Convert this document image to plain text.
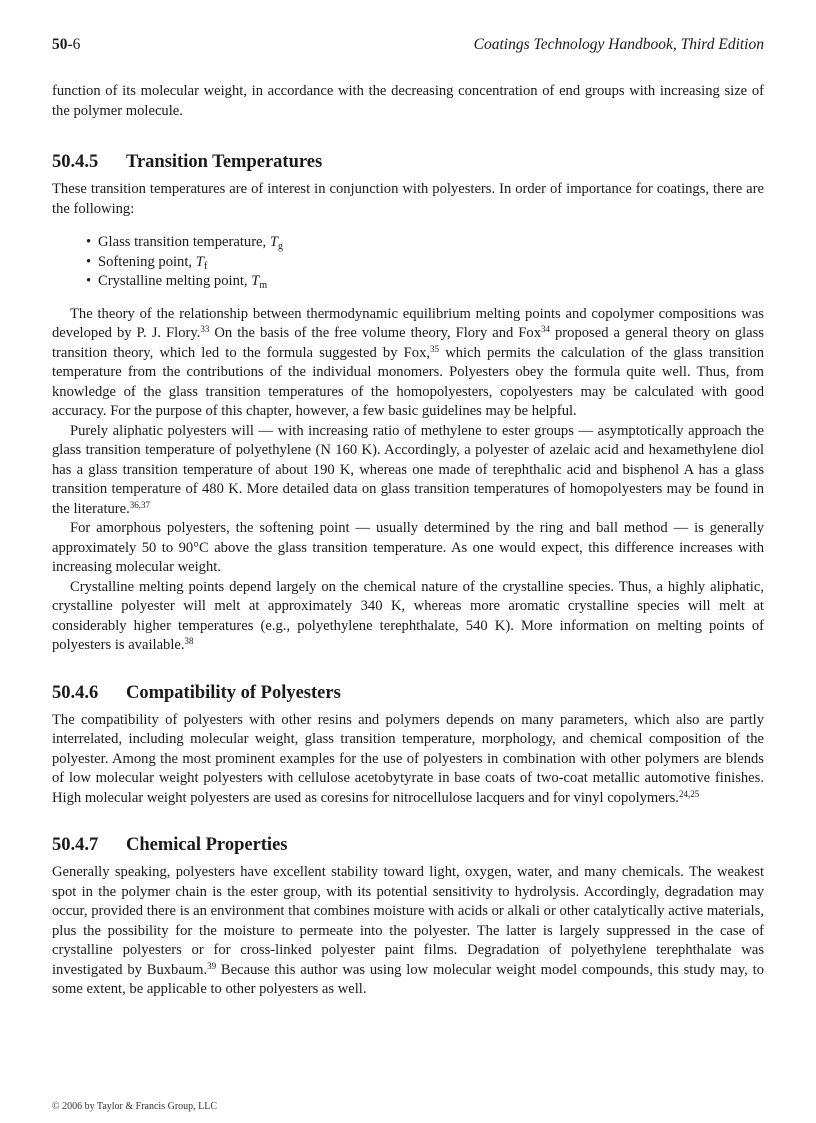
50-6	Coatings Technology Handbook, Third Edition

function of its molecular weight, in accordance with the decreasing concentration of end groups with increasing size of the polymer molecule.

50.4.5 Transition Temperatures

These transition temperatures are of interest in conjunction with polyesters. In order of importance for coatings, there are the following:

• Glass transition temperature, $T_g$
• Softening point, $T_f$
• Crystalline melting point, $T_m$

The theory of the relationship between thermodynamic equilibrium melting points and copolymer compositions was developed by P. J. Flory.$^{33}$ On the basis of the free volume theory, Flory and Fox$^{34}$ proposed a general theory on glass transition theory, which led to the formula suggested by Fox,$^{35}$ which permits the calculation of the glass transition temperature from the contributions of the individual monomers. Polyesters obey the formula quite well. Thus, from knowledge of the glass transition temperatures of the homopolyesters, copolyesters may be calculated with good accuracy. For the purpose of this chapter, however, a few basic guidelines may be helpful.

Purely aliphatic polyesters will — with increasing ratio of methylene to ester groups — asymptotically approach the glass transition temperature of polyethylene (N 160 K). Accordingly, a polyester of azelaic acid and hexamethylene diol has a glass transition temperature of about 190 K, whereas one made of terephthalic acid and bisphenol A has a glass transition temperature of 480 K. More detailed data on glass transition temperatures of homopolyesters may be found in the literature.$^{36,37}$

For amorphous polyesters, the softening point — usually determined by the ring and ball method — is generally approximately 50 to 90°C above the glass transition temperature. As one would expect, this difference increases with increasing molecular weight.

Crystalline melting points depend largely on the chemical nature of the crystalline species. Thus, a highly aliphatic, crystalline polyester will melt at approximately 340 K, whereas more aromatic crystalline species will melt at considerably higher temperatures (e.g., polyethylene terephthalate, 540 K). More information on melting points of polyesters is available.$^{38}$

50.4.6 Compatibility of Polyesters

The compatibility of polyesters with other resins and polymers depends on many parameters, which also are partly interrelated, including molecular weight, glass transition temperature, morphology, and chemical composition of the polyester. Among the most prominent examples for the use of polyesters in combination with other polymers are blends of low molecular weight polyesters with cellulose acetobytyrate in base coats of two-coat metallic automotive finishes. High molecular weight polyesters are used as coresins for nitrocellulose lacquers and for vinyl copolymers.$^{24,25}$

50.4.7 Chemical Properties

Generally speaking, polyesters have excellent stability toward light, oxygen, water, and many chemicals. The weakest spot in the polymer chain is the ester group, with its potential sensitivity to hydrolysis. Accordingly, degradation may occur, provided there is an environment that combines moisture with acids or alkali or other catalytically active materials, plus the possibility for the moisture to permeate into the polyester. The latter is largely suppressed in the case of crystalline polyesters or for cross-linked polyester paint films. Degradation of polyethylene terephthalate was investigated by Buxbaum.$^{39}$ Because this author was using low molecular weight model compounds, this study may, to some extent, be applicable to other polyesters as well.

© 2006 by Taylor & Francis Group, LLC
